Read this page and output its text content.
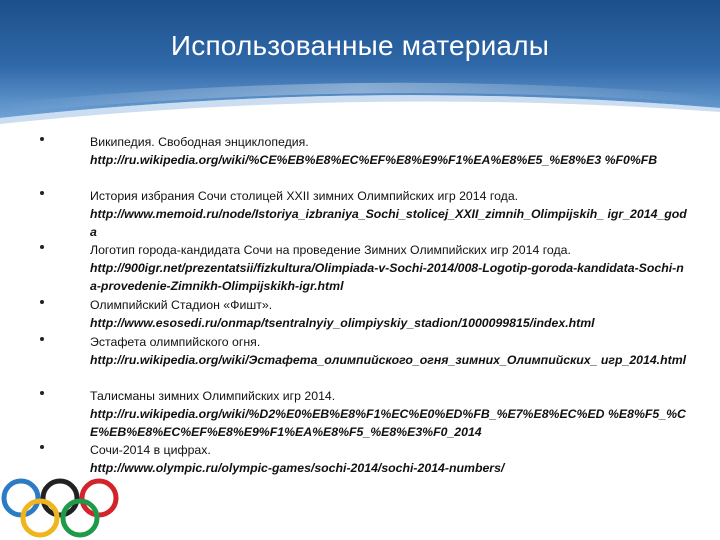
Использованные материалы
Википедия. Свободная энциклопедия.
http://ru.wikipedia.org/wiki/%CE%EB%E8%EC%EF%E8%E9%F1%EA%E8%E5_%E8%E3 %F0%FB
История избрания Сочи столицей XXII зимних Олимпийских игр 2014 года.
http://www.memoid.ru/node/Istoriya_izbraniya_Sochi_stolicej_XXII_zimnih_Olimpijskih_ igr_2014_goda
Логотип города-кандидата Сочи на проведение Зимних Олимпийских игр 2014 года.
http://900igr.net/prezentatsii/fizkultura/Olimpiada-v-Sochi-2014/008-Logotip-goroda-kandidata-Sochi-na-provedenie-Zimnikh-Olimpijskikh-igr.html
Олимпийский Стадион «Фишт».
http://www.esosedi.ru/onmap/tsentralnyiy_olimpiyskiy_stadion/1000099815/index.html
Эстафета олимпийского огня.
http://ru.wikipedia.org/wiki/Эстафета_олимпийского_огня_зимних_Олимпийских_ игр_2014.html
Талисманы зимних Олимпийских игр 2014.
http://ru.wikipedia.org/wiki/%D2%E0%EB%E8%F1%EC%E0%ED%FB_%E7%E8%EC%ED %E8%F5_%CE%EB%E8%EC%EF%E8%E9%F1%EA%E8%F5_%E8%E3%F0_2014
Сочи-2014 в цифрах.
http://www.olympic.ru/olympic-games/sochi-2014/sochi-2014-numbers/
